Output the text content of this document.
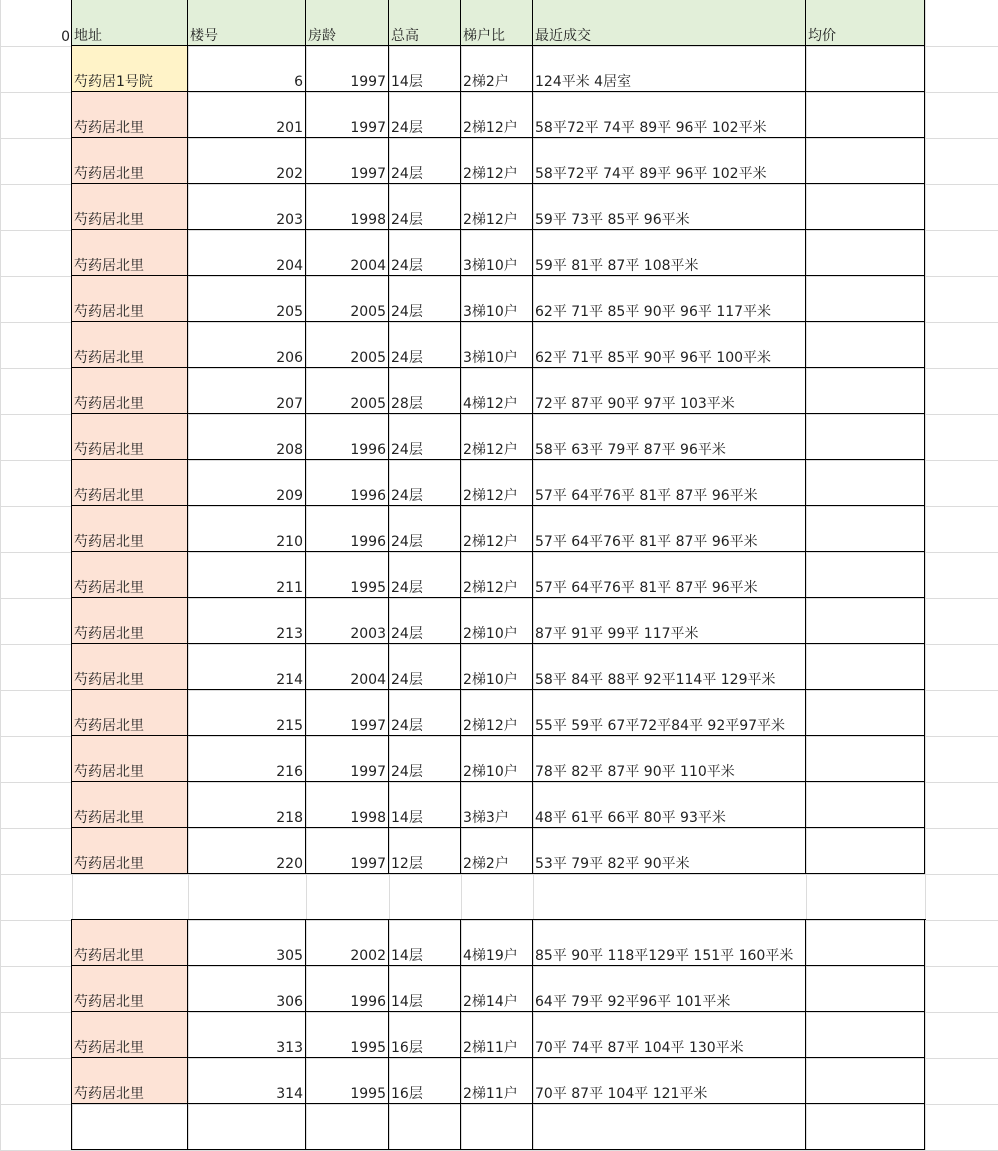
0 地址	楼号	房龄	总高	梯户比	最近成交	均价
芍药居1号院	6	1997 14层	2梯2户	124平米 4居室
芍药居北里	201	1997 24层	2梯12户	58平72平 74平 89平 96平 102平米
芍药居北里	202	1997 24层	2梯12户	58平72平 74平 89平 96平 102平米
芍药居北里	203	1998 24层	2梯12户	59平 73平 85平 96平米
芍药居北里	204	2004 24层	3梯10户	59平 81平 87平 108平米
芍药居北里	205	2005 24层	3梯10户	62平 71平 85平 90平 96平 117平米
芍药居北里	206	2005 24层	3梯10户	62平 71平 85平 90平 96平 100平米
芍药居北里	207	2005 28层	4梯12户	72平 87平 90平 97平 103平米
芍药居北里	208	1996 24层	2梯12户	58平 63平 79平 87平 96平米
芍药居北里	209	1996 24层	2梯12户	57平 64平76平 81平 87平 96平米
芍药居北里	210	1996 24层	2梯12户	57平 64平76平 81平 87平 96平米
芍药居北里	211	1995 24层	2梯12户	57平 64平76平 81平 87平 96平米
芍药居北里	213	2003 24层	2梯10户	87平 91平 99平 117平米
芍药居北里	214	2004 24层	2梯10户	58平 84平 88平 92平114平 129平米
芍药居北里	215	1997 24层	2梯12户	55平 59平 67平72平84平 92平97平米
芍药居北里	216	1997 24层	2梯10户	78平 82平 87平 90平 110平米
芍药居北里	218	1998 14层	3梯3户	48平 61平 66平 80平 93平米
芍药居北里	220	1997 12层	2梯2户	53平 79平 82平 90平米
芍药居北里	305	2002 14层	4梯19户	85平 90平 118平129平 151平 160平米
芍药居北里	306	1996 14层	2梯14户	64平 79平 92平96平 101平米
芍药居北里	313	1995 16层	2梯11户	70平 74平 87平 104平 130平米
芍药居北里	314	1995 16层	2梯11户	70平 87平 104平 121平米
